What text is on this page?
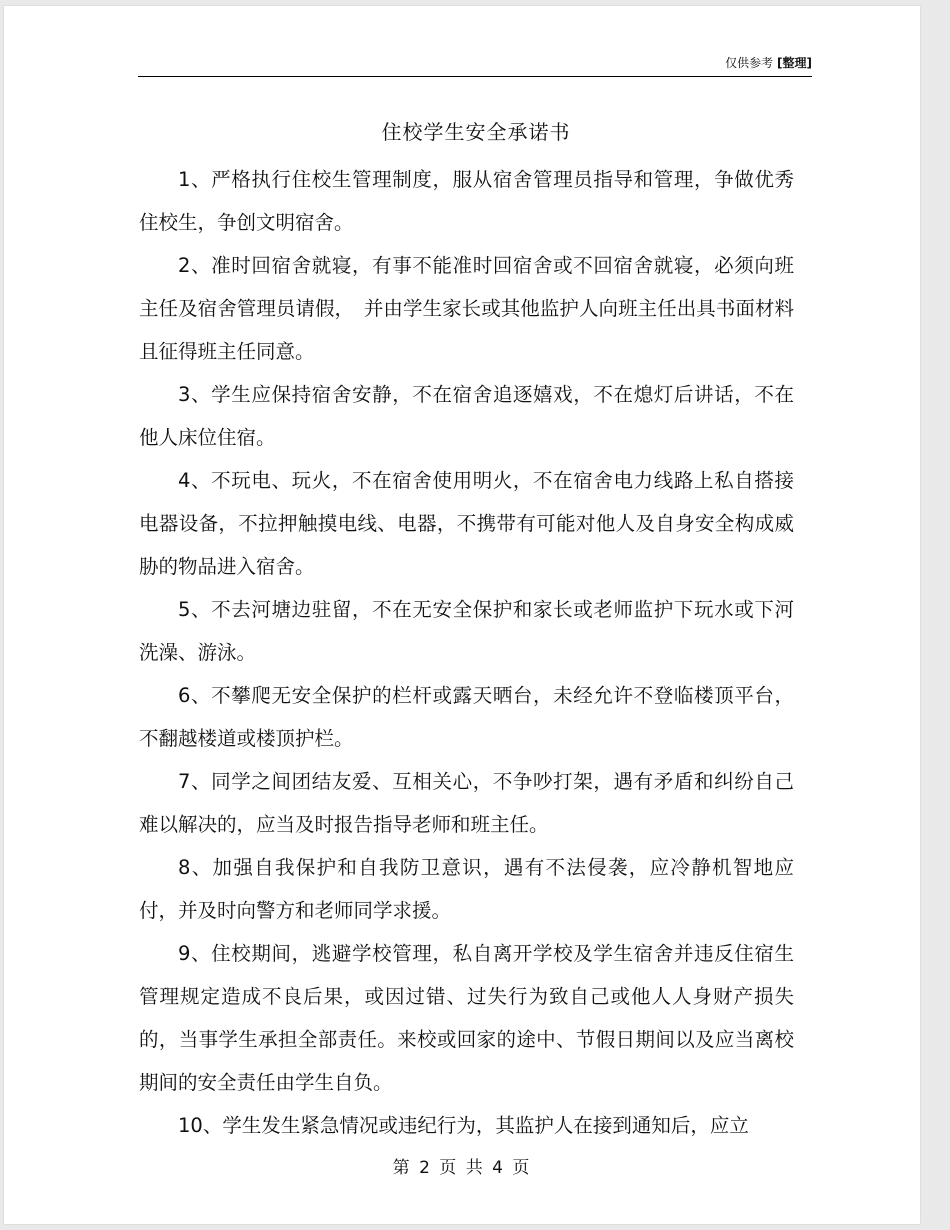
仅供参考 [整理]
住校学生安全承诺书

1、严格执行住校生管理制度，服从宿舍管理员指导和管理，争做优秀住校生，争创文明宿舍。

2、准时回宿舍就寝，有事不能准时回宿舍或不回宿舍就寝，必须向班主任及宿舍管理员请假，　并由学生家长或其他监护人向班主任出具书面材料且征得班主任同意。

3、学生应保持宿舍安静，不在宿舍追逐嬉戏，不在熄灯后讲话，不在他人床位住宿。

4、不玩电、玩火，不在宿舍使用明火，不在宿舍电力线路上私自搭接电器设备，不拉押触摸电线、电器，不携带有可能对他人及自身安全构成威胁的物品进入宿舍。

5、不去河塘边驻留，不在无安全保护和家长或老师监护下玩水或下河洗澡、游泳。

6、不攀爬无安全保护的栏杆或露天晒台，未经允许不登临楼顶平台，不翻越楼道或楼顶护栏。

7、同学之间团结友爱、互相关心，不争吵打架，遇有矛盾和纠纷自己难以解决的，应当及时报告指导老师和班主任。

8、加强自我保护和自我防卫意识，遇有不法侵袭，应冷静机智地应付，并及时向警方和老师同学求援。

9、住校期间，逃避学校管理，私自离开学校及学生宿舍并违反住宿生管理规定造成不良后果，或因过错、过失行为致自己或他人人身财产损失的，当事学生承担全部责任。来校或回家的途中、节假日期间以及应当离校期间的安全责任由学生自负。

10、学生发生紧急情况或违纪行为，其监护人在接到通知后，应立

第 2 页 共 4 页
